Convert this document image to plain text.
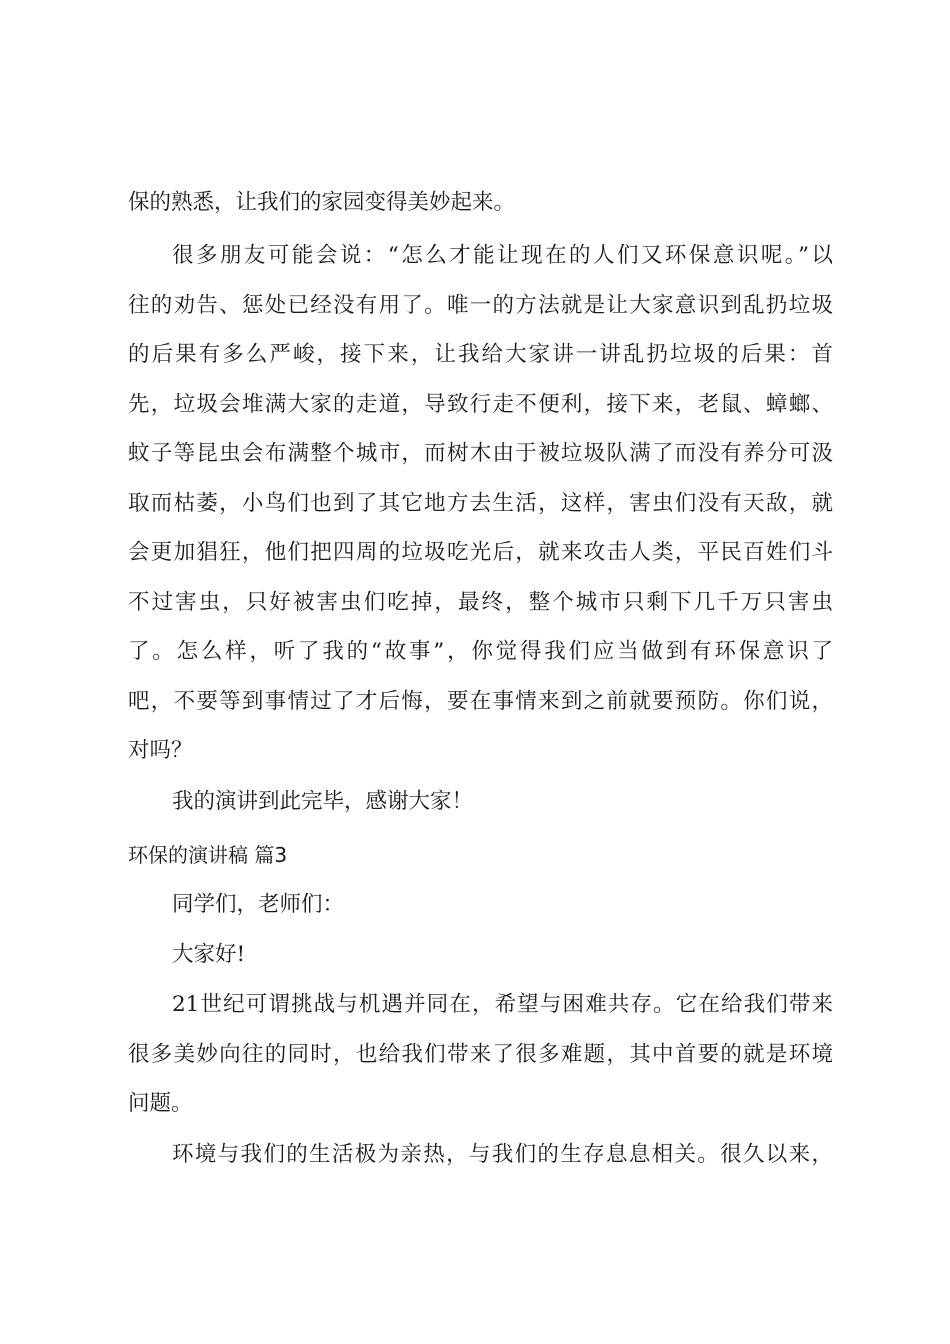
保的熟悉，让我们的家园变得美妙起来。
很多朋友可能会说：“怎么才能让现在的人们又环保意识呢。”以
往的劝告、惩处已经没有用了。唯一的方法就是让大家意识到乱扔垃圾
的后果有多么严峻，接下来，让我给大家讲一讲乱扔垃圾的后果：首
先，垃圾会堆满大家的走道，导致行走不便利，接下来，老鼠、蟑螂、
蚊子等昆虫会布满整个城市，而树木由于被垃圾队满了而没有养分可汲
取而枯萎，小鸟们也到了其它地方去生活，这样，害虫们没有天敌，就
会更加猖狂，他们把四周的垃圾吃光后，就来攻击人类，平民百姓们斗
不过害虫，只好被害虫们吃掉，最终，整个城市只剩下几千万只害虫
了。怎么样，听了我的“故事”，你觉得我们应当做到有环保意识了
吧，不要等到事情过了才后悔，要在事情来到之前就要预防。你们说，
对吗？
我的演讲到此完毕，感谢大家！
环保的演讲稿 篇3
同学们，老师们：
大家好!
21世纪可谓挑战与机遇并同在，希望与困难共存。它在给我们带来
很多美妙向往的同时，也给我们带来了很多难题，其中首要的就是环境
问题。
环境与我们的生活极为亲热，与我们的生存息息相关。很久以来，
